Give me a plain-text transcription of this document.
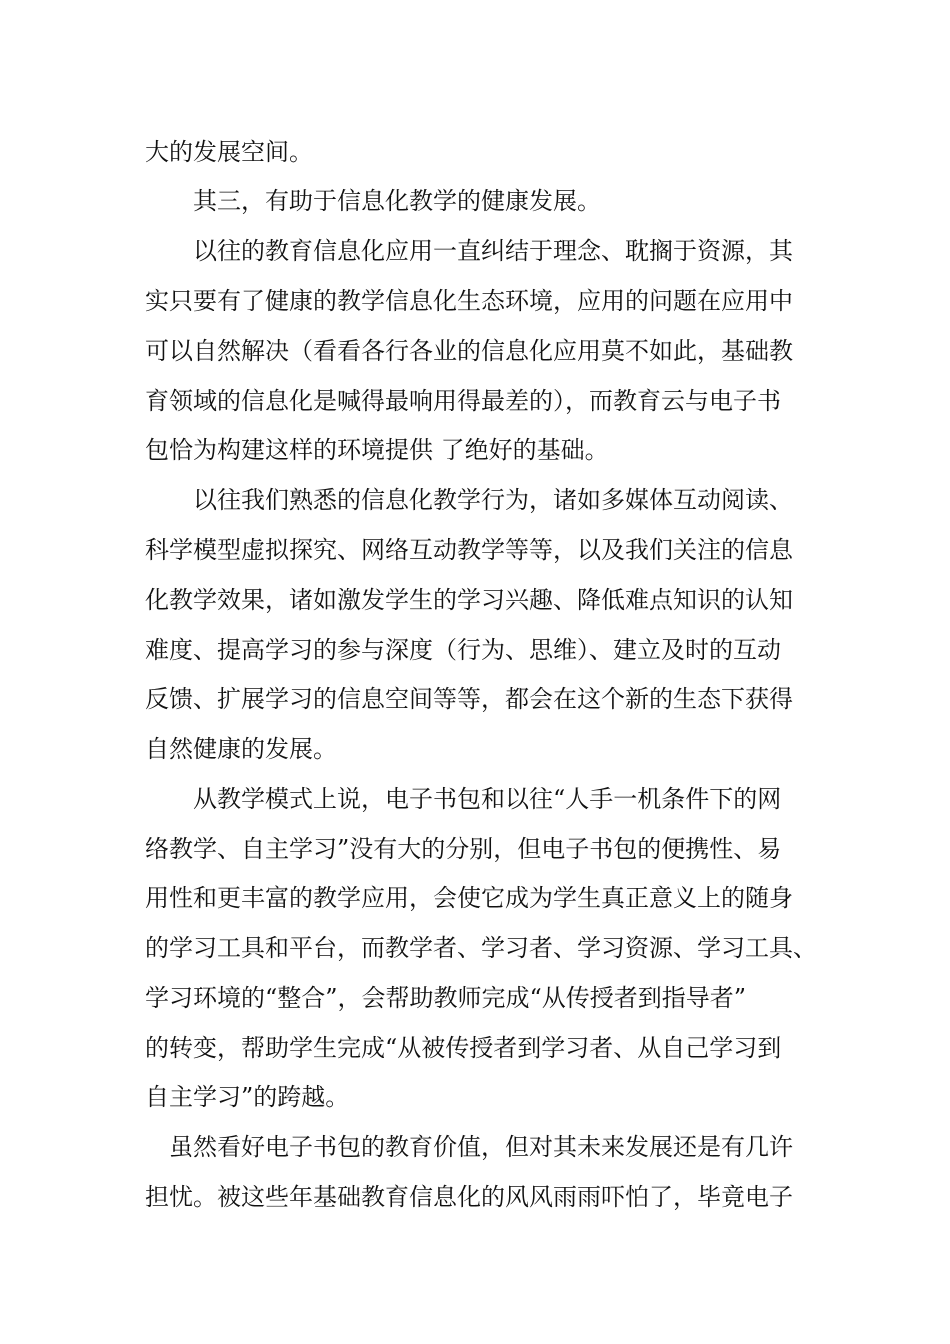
大的发展空间。

其三，有助于信息化教学的健康发展。

以往的教育信息化应用一直纠结于理念、耽搁于资源，其

实只要有了健康的教学信息化生态环境，应用的问题在应用中

可以自然解决（看看各行各业的信息化应用莫不如此，基础教

育领域的信息化是喊得最响用得最差的），而教育云与电子书

包恰为构建这样的环境提供 了绝好的基础。

以往我们熟悉的信息化教学行为，诸如多媒体互动阅读、

科学模型虚拟探究、网络互动教学等等，以及我们关注的信息

化教学效果，诸如激发学生的学习兴趣、降低难点知识的认知

难度、提高学习的参与深度（行为、思维）、建立及时的互动

反馈、扩展学习的信息空间等等，都会在这个新的生态下获得

自然健康的发展。

从教学模式上说，电子书包和以往“人手一机条件下的网

络教学、自主学习”没有大的分别，但电子书包的便携性、易

用性和更丰富的教学应用，会使它成为学生真正意义上的随身

的学习工具和平台，而教学者、学习者、学习资源、学习工具、

学习环境的“整合”，会帮助教师完成“从传授者到指导者”

的转变，帮助学生完成“从被传授者到学习者、从自己学习到

自主学习”的跨越。

虽然看好电子书包的教育价值，但对其未来发展还是有几许

担忧。被这些年基础教育信息化的风风雨雨吓怕了，毕竟电子
